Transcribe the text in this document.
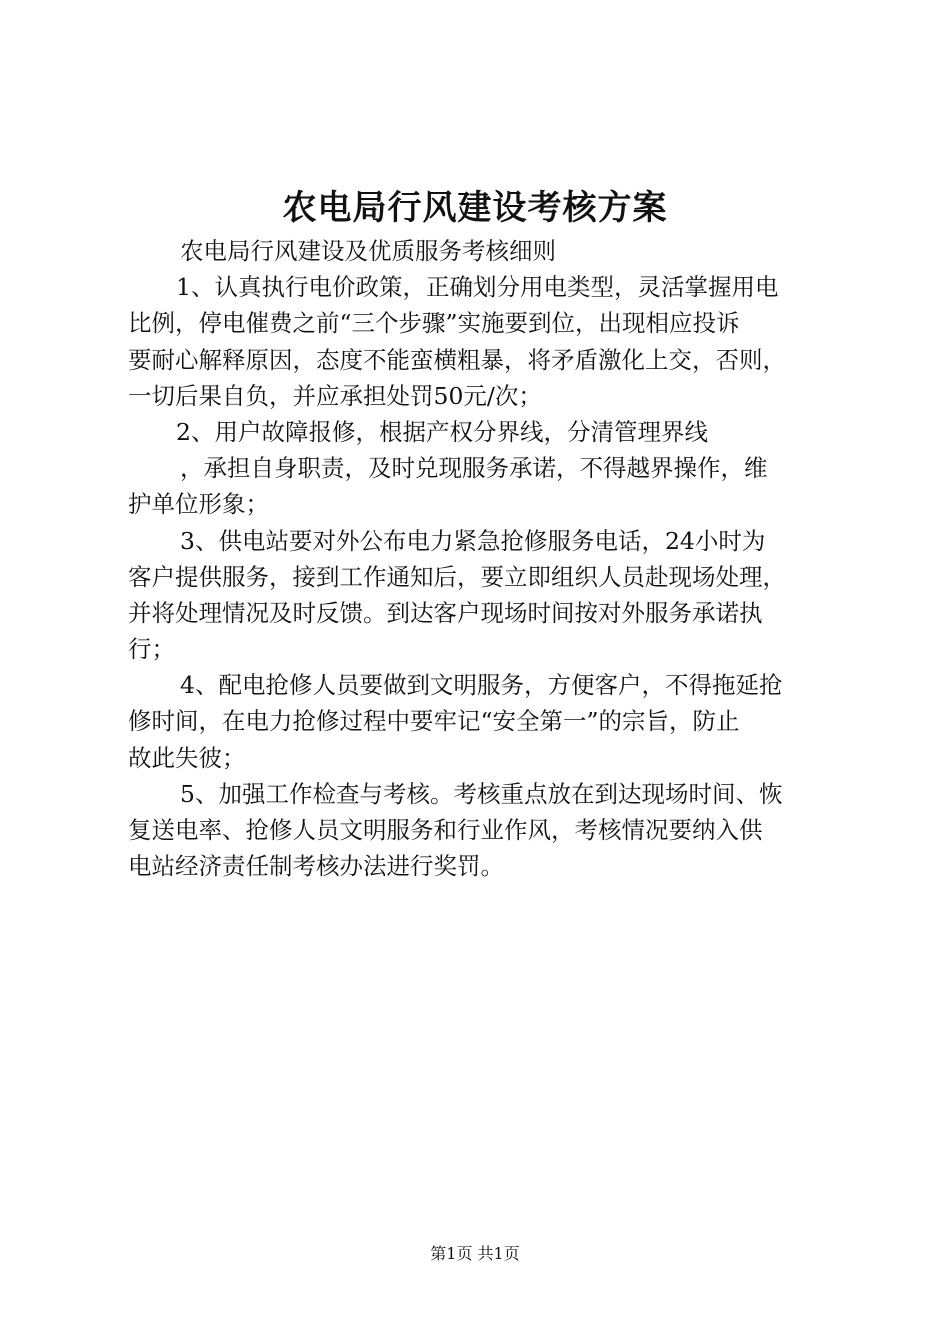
农电局行风建设考核方案
农电局行风建设及优质服务考核细则
1、认真执行电价政策，正确划分用电类型，灵活掌握用电
比例，停电催费之前“三个步骤”实施要到位，出现相应投诉
要耐心解释原因，态度不能蛮横粗暴，将矛盾激化上交，否则，
一切后果自负，并应承担处罚50元/次；
2、用户故障报修，根据产权分界线，分清管理界线
，承担自身职责，及时兑现服务承诺，不得越界操作，维
护单位形象；
3、供电站要对外公布电力紧急抢修服务电话，24小时为
客户提供服务，接到工作通知后，要立即组织人员赴现场处理，
并将处理情况及时反馈。到达客户现场时间按对外服务承诺执
行；
4、配电抢修人员要做到文明服务，方便客户，不得拖延抢
修时间，在电力抢修过程中要牢记“安全第一”的宗旨，防止
故此失彼；
5、加强工作检查与考核。考核重点放在到达现场时间、恢
复送电率、抢修人员文明服务和行业作风，考核情况要纳入供
电站经济责任制考核办法进行奖罚。
第1页 共1页
